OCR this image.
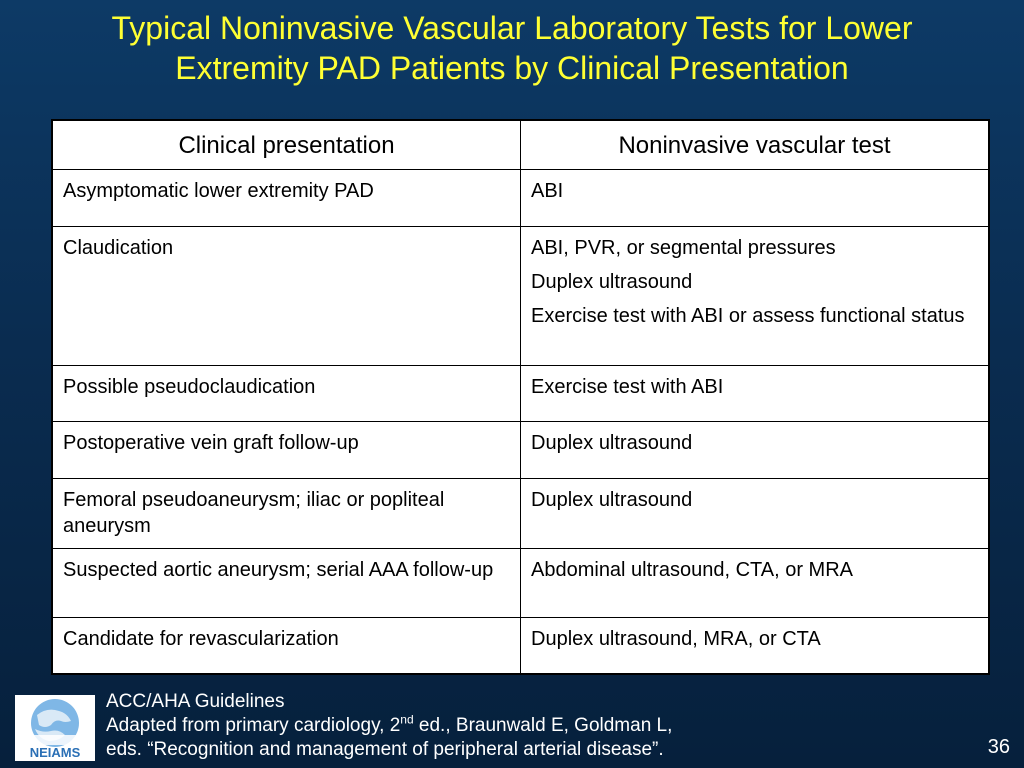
Typical Noninvasive Vascular Laboratory Tests for Lower
Extremity PAD Patients by Clinical Presentation
Clinical presentation	Noninvasive vascular test
Asymptomatic lower extremity PAD	ABI

Claudication	ABI, PVR, or segmental pressures
Duplex ultrasound
Exercise test with ABI or assess functional status

Possible pseudoclaudication	Exercise test with ABI

Postoperative vein graft follow-up	Duplex ultrasound

Femoral pseudoaneurysm; iliac or popliteal aneurysm	Duplex ultrasound

Suspected aortic aneurysm; serial AAA follow-up	Abdominal ultrasound, CTA, or MRA

Candidate for revascularization	Duplex ultrasound, MRA, or CTA
NEIAMS
ACC/AHA Guidelines
Adapted from primary cardiology, 2nd ed., Braunwald E, Goldman L,
eds. “Recognition and management of peripheral arterial disease”.	36
